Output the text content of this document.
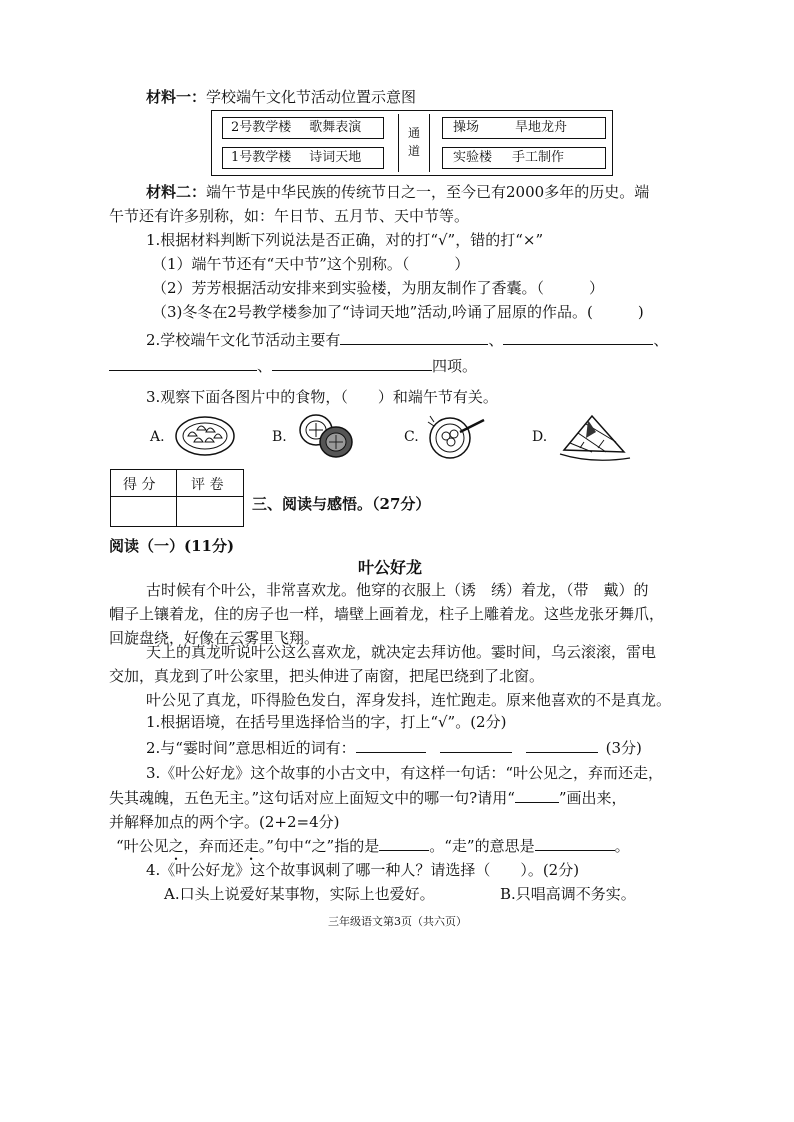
材料一：学校端午文化节活动位置示意图
2号教学楼 歌舞表演
1号教学楼 诗词天地
通
道
操场	旱地龙舟
实验楼 手工制作
材料二：端午节是中华民族的传统节日之一，至今已有2000多年的历史。端
午节还有许多别称，如：午日节、五月节、天中节等。
1.根据材料判断下列说法是否正确，对的打“√”，错的打“×”
（1）端午节还有“天中节”这个别称。（　　　）
（2）芳芳根据活动安排来到实验楼，为朋友制作了香囊。（　　　）
（3)冬冬在2号教学楼参加了“诗词天地”活动,吟诵了屈原的作品。(　　　)
2.学校端午文化节活动主要有	、	、
、	四项。
3.观察下面各图片中的食物，（　　）和端午节有关。
A.	B.	C.	D.
得 分	评 卷
三、阅读与感悟。（27分）
阅读（一）(11分)
叶公好龙
古时候有个叶公，非常喜欢龙。他穿的衣服上（诱　绣）着龙，（带　戴）的
帽子上镶着龙，住的房子也一样，墙壁上画着龙，柱子上雕着龙。这些龙张牙舞爪，
回旋盘绕，好像在云雾里飞翔。
天上的真龙听说叶公这么喜欢龙，就决定去拜访他。霎时间，乌云滚滚，雷电
交加，真龙到了叶公家里，把头伸进了南窗，把尾巴绕到了北窗。
叶公见了真龙，吓得脸色发白，浑身发抖，连忙跑走。原来他喜欢的不是真龙。
1.根据语境，在括号里选择恰当的字，打上“√”。(2分)
2.与“霎时间”意思相近的词有：	(3分)
3.《叶公好龙》这个故事的小古文中，有这样一句话：“叶公见之，弃而还走，
失其魂魄，五色无主。”这句话对应上面短文中的哪一句?请用“	”画出来，
并解释加点的两个字。(2+2=4分)
“叶公见之，弃而还走。”句中“之”指的是	。“走”的意思是	。
4.《叶公好龙》这个故事讽刺了哪一种人？请选择（　　）。(2分)
A.口头上说爱好某事物，实际上也爱好。	B.只唱高调不务实。
三年级语文第3页（共六页）
